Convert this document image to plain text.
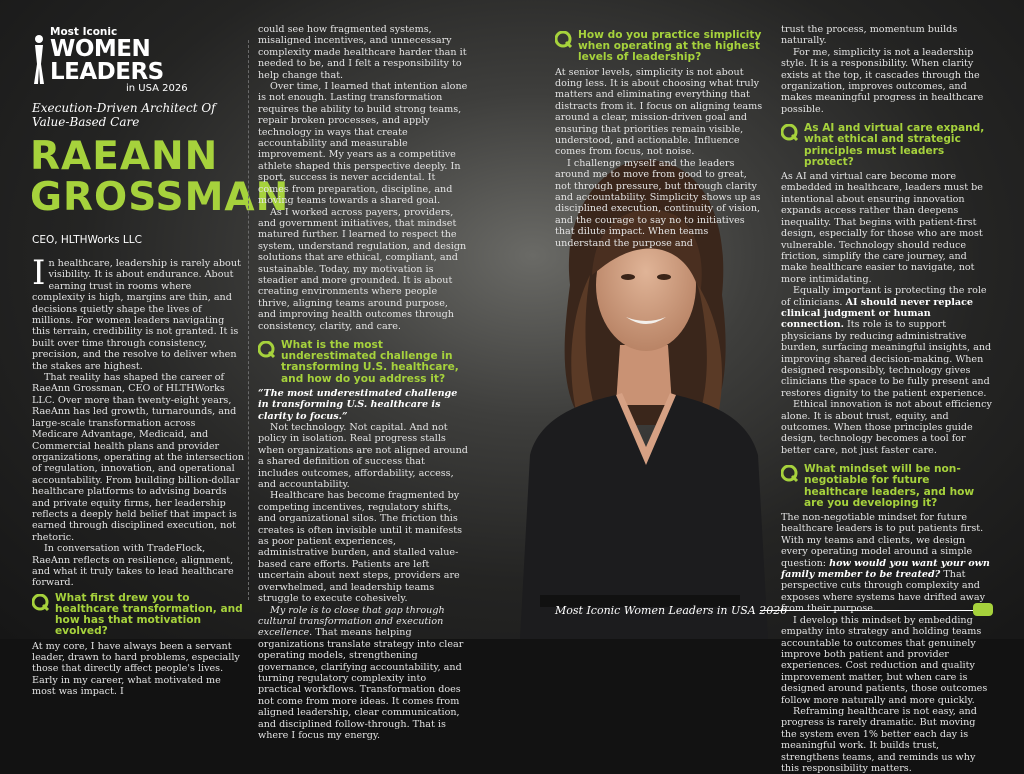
Most Iconic
WOMEN
LEADERS
in USA 2026
Execution-Driven Architect Of Value-Based Care
RAEANN
GROSSMAN
CEO, HLTHWorks LLC

In healthcare, leadership is rarely about visibility. It is about endurance. About earning trust in rooms where complexity is high, margins are thin, and decisions quietly shape the lives of millions. For women leaders navigating this terrain, credibility is not granted. It is built over time through consistency, precision, and the resolve to deliver when the stakes are highest.

That reality has shaped the career of RaeAnn Grossman, CEO of HLTHWorks LLC. Over more than twenty-eight years, RaeAnn has led growth, turnarounds, and large-scale transformation across Medicare Advantage, Medicaid, and Commercial health plans and provider organizations, operating at the intersection of regulation, innovation, and operational accountability. From building billion-dollar healthcare platforms to advising boards and private equity firms, her leadership reflects a deeply held belief that impact is earned through disciplined execution, not rhetoric.

In conversation with TradeFlock, RaeAnn reflects on resilience, alignment, and what it truly takes to lead healthcare forward.

What first drew you to healthcare transformation, and how has that motivation evolved?

At my core, I have always been a servant leader, drawn to hard problems, especially those that directly affect people's lives. Early in my career, what motivated me most was impact. I

could see how fragmented systems, misaligned incentives, and unnecessary complexity made healthcare harder than it needed to be, and I felt a responsibility to help change that.

Over time, I learned that intention alone is not enough. Lasting transformation requires the ability to build strong teams, repair broken processes, and apply technology in ways that create accountability and measurable improvement. My years as a competitive athlete shaped this perspective deeply. In sport, success is never accidental. It comes from preparation, discipline, and moving teams towards a shared goal.

As I worked across payers, providers, and government initiatives, that mindset matured further. I learned to respect the system, understand regulation, and design solutions that are ethical, compliant, and sustainable. Today, my motivation is steadier and more grounded. It is about creating environments where people thrive, aligning teams around purpose, and improving health outcomes through consistency, clarity, and care.

What is the most underestimated challenge in transforming U.S. healthcare, and how do you address it?

“The most underestimated challenge in transforming U.S. healthcare is clarity to focus.”

Not technology. Not capital. And not policy in isolation. Real progress stalls when organizations are not aligned around a shared definition of success that includes outcomes, affordability, access, and accountability.

Healthcare has become fragmented by competing incentives, regulatory shifts, and organizational silos. The friction this creates is often invisible until it manifests as poor patient experiences, administrative burden, and stalled value-based care efforts. Patients are left uncertain about next steps, providers are overwhelmed, and leadership teams struggle to execute cohesively.

My role is to close that gap through cultural transformation and execution excellence. That means helping organizations translate strategy into clear operating models, strengthening governance, clarifying accountability, and turning regulatory complexity into practical workflows. Transformation does not come from more ideas. It comes from aligned leadership, clear communication, and disciplined follow-through. That is where I focus my energy.

How do you practice simplicity when operating at the highest levels of leadership?

At senior levels, simplicity is not about doing less. It is about choosing what truly matters and eliminating everything that distracts from it. I focus on aligning teams around a clear, mission-driven goal and ensuring that priorities remain visible, understood, and actionable. Influence comes from focus, not noise.

I challenge myself and the leaders around me to move from good to great, not through pressure, but through clarity and accountability. Simplicity shows up as disciplined execution, continuity of vision, and the courage to say no to initiatives that dilute impact. When teams understand the purpose and

trust the process, momentum builds naturally.

For me, simplicity is not a leadership style. It is a responsibility. When clarity exists at the top, it cascades through the organization, improves outcomes, and makes meaningful progress in healthcare possible.

As AI and virtual care expand, what ethical and strategic principles must leaders protect?

As AI and virtual care become more embedded in healthcare, leaders must be intentional about ensuring innovation expands access rather than deepens inequality. That begins with patient-first design, especially for those who are most vulnerable. Technology should reduce friction, simplify the care journey, and make healthcare easier to navigate, not more intimidating.

Equally important is protecting the role of clinicians. AI should never replace clinical judgment or human connection. Its role is to support physicians by reducing administrative burden, surfacing meaningful insights, and improving shared decision-making. When designed responsibly, technology gives clinicians the space to be fully present and restores dignity to the patient experience.

Ethical innovation is not about efficiency alone. It is about trust, equity, and outcomes. When those principles guide design, technology becomes a tool for better care, not just faster care.

What mindset will be non-negotiable for future healthcare leaders, and how are you developing it?

The non-negotiable mindset for future healthcare leaders is to put patients first. With my teams and clients, we design every operating model around a simple question: how would you want your own family member to be treated? That perspective cuts through complexity and exposes where systems have drifted away from their purpose.

I develop this mindset by embedding empathy into strategy and holding teams accountable to outcomes that genuinely improve both patient and provider experiences. Cost reduction and quality improvement matter, but when care is designed around patients, those outcomes follow more naturally and more quickly.

Reframing healthcare is not easy, and progress is rarely dramatic. But moving the system even 1% better each day is meaningful work. It builds trust, strengthens teams, and reminds us why this responsibility matters.

Most Iconic Women Leaders in USA 2026
